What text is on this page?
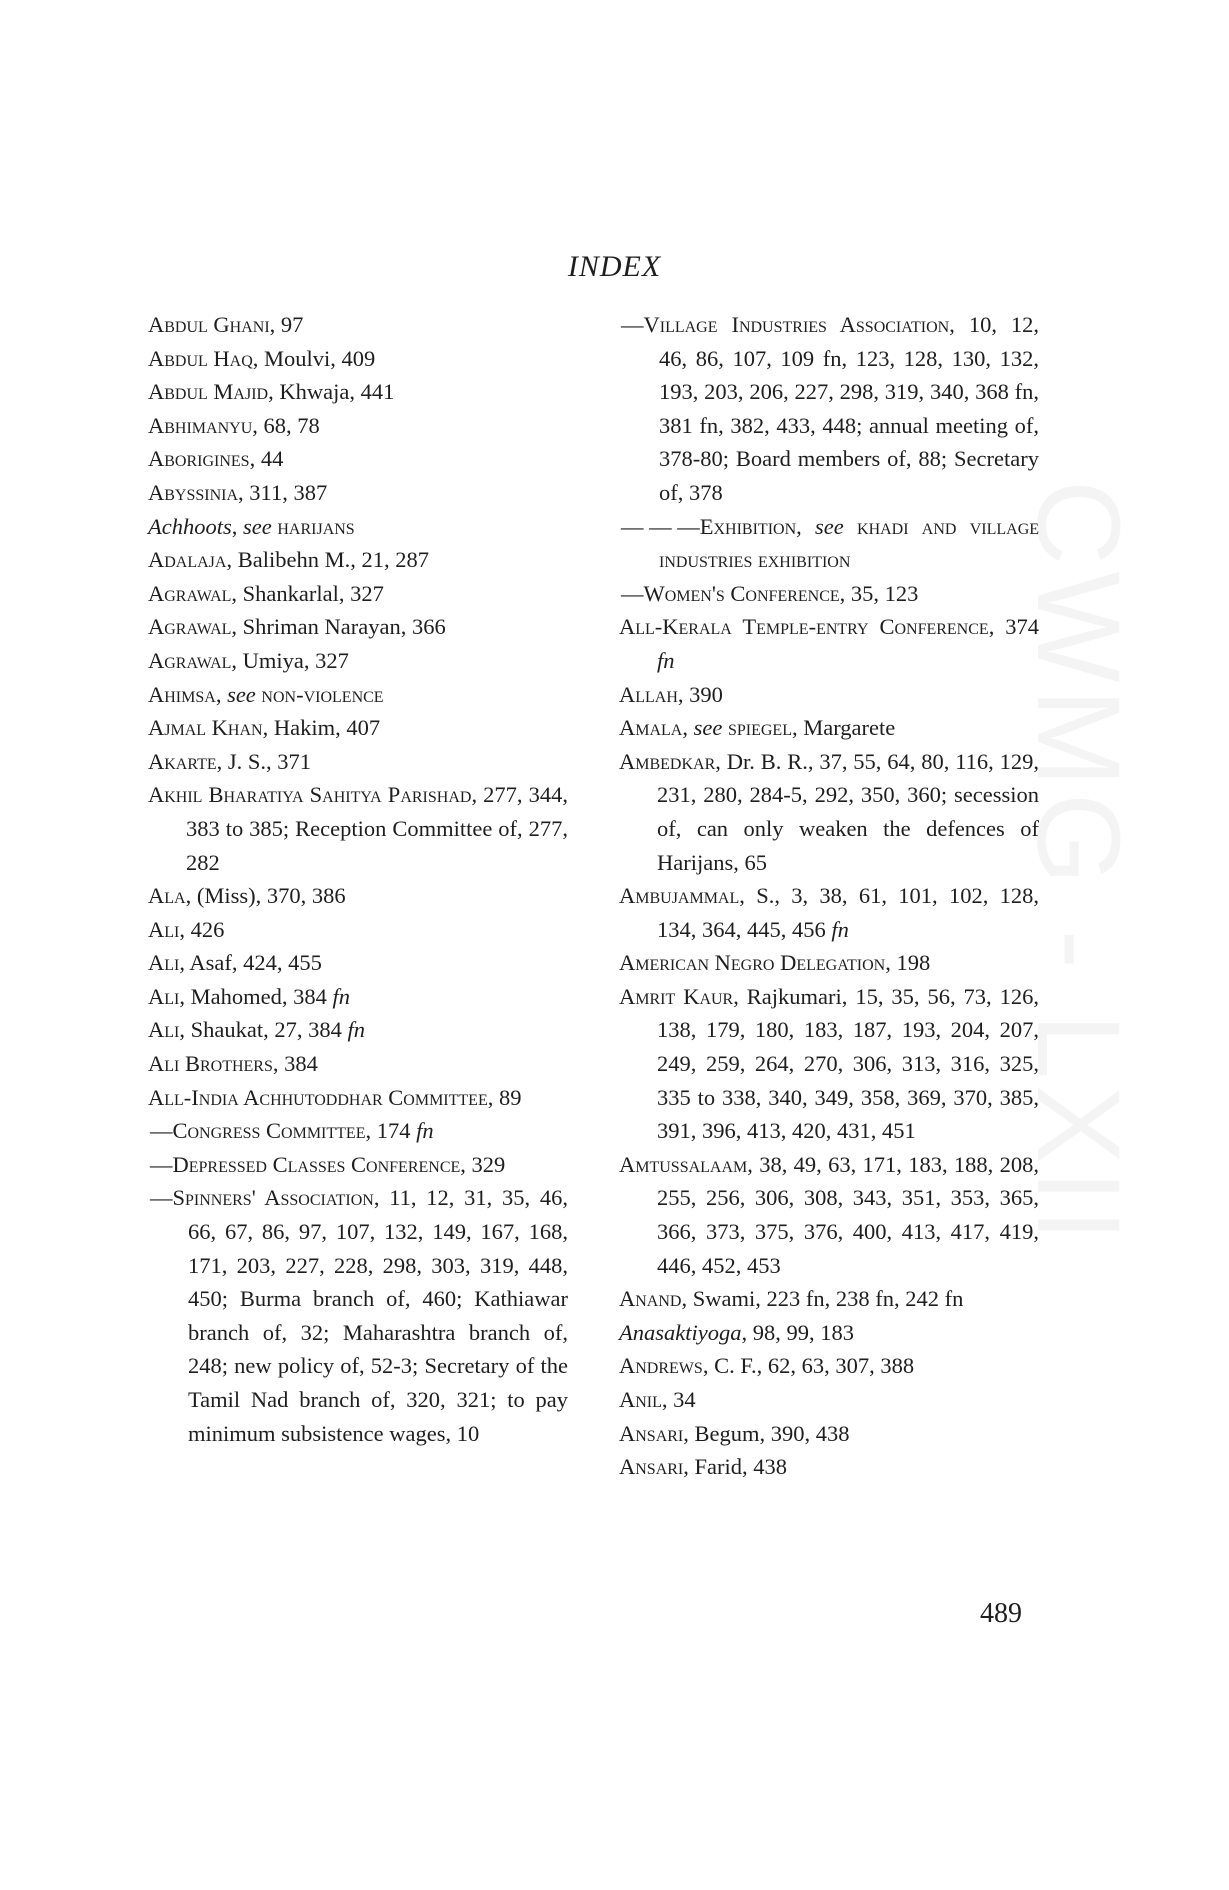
INDEX
Abdul Ghani, 97
Abdul Haq, Moulvi, 409
Abdul Majid, Khwaja, 441
Abhimanyu, 68, 78
Aborigines, 44
Abyssinia, 311, 387
Achhoots, see harijans
Adalaja, Balibehn M., 21, 287
Agrawal, Shankarlal, 327
Agrawal, Shriman Narayan, 366
Agrawal, Umiya, 327
Ahimsa, see non-violence
Ajmal Khan, Hakim, 407
Akarte, J. S., 371
Akhil Bharatiya Sahitya Parishad, 277, 344, 383 to 385; Reception Committee of, 277, 282
Ala, (Miss), 370, 386
Ali, 426
Ali, Asaf, 424, 455
Ali, Mahomed, 384 fn
Ali, Shaukat, 27, 384 fn
Ali Brothers, 384
All-India Achhutoddhar Committee, 89
—Congress Committee, 174 fn
—Depressed Classes Conference, 329
—Spinners' Association, 11, 12, 31, 35, 46, 66, 67, 86, 97, 107, 132, 149, 167, 168, 171, 203, 227, 228, 298, 303, 319, 448, 450; Burma branch of, 460; Kathiawar branch of, 32; Maharashtra branch of, 248; new policy of, 52-3; Secretary of the Tamil Nad branch of, 320, 321; to pay minimum subsistence wages, 10
—Village Industries Association, 10, 12, 46, 86, 107, 109 fn, 123, 128, 130, 132, 193, 203, 206, 227, 298, 319, 340, 368 fn, 381 fn, 382, 433, 448; annual meeting of, 378-80; Board members of, 88; Secretary of, 378
— — —Exhibition, see khadi and village industries exhibition
—Women's Conference, 35, 123
All-Kerala Temple-entry Conference, 374 fn
Allah, 390
Amala, see spiegel, Margarete
Ambedkar, Dr. B. R., 37, 55, 64, 80, 116, 129, 231, 280, 284-5, 292, 350, 360; secession of, can only weaken the defences of Harijans, 65
Ambujammal, S., 3, 38, 61, 101, 102, 128, 134, 364, 445, 456 fn
American Negro Delegation, 198
Amrit Kaur, Rajkumari, 15, 35, 56, 73, 126, 138, 179, 180, 183, 187, 193, 204, 207, 249, 259, 264, 270, 306, 313, 316, 325, 335 to 338, 340, 349, 358, 369, 370, 385, 391, 396, 413, 420, 431, 451
Amtussalaam, 38, 49, 63, 171, 183, 188, 208, 255, 256, 306, 308, 343, 351, 353, 365, 366, 373, 375, 376, 400, 413, 417, 419, 446, 452, 453
Anand, Swami, 223 fn, 238 fn, 242 fn
Anasaktiyoga, 98, 99, 183
Andrews, C. F., 62, 63, 307, 388
Anil, 34
Ansari, Begum, 390, 438
Ansari, Farid, 438
489
